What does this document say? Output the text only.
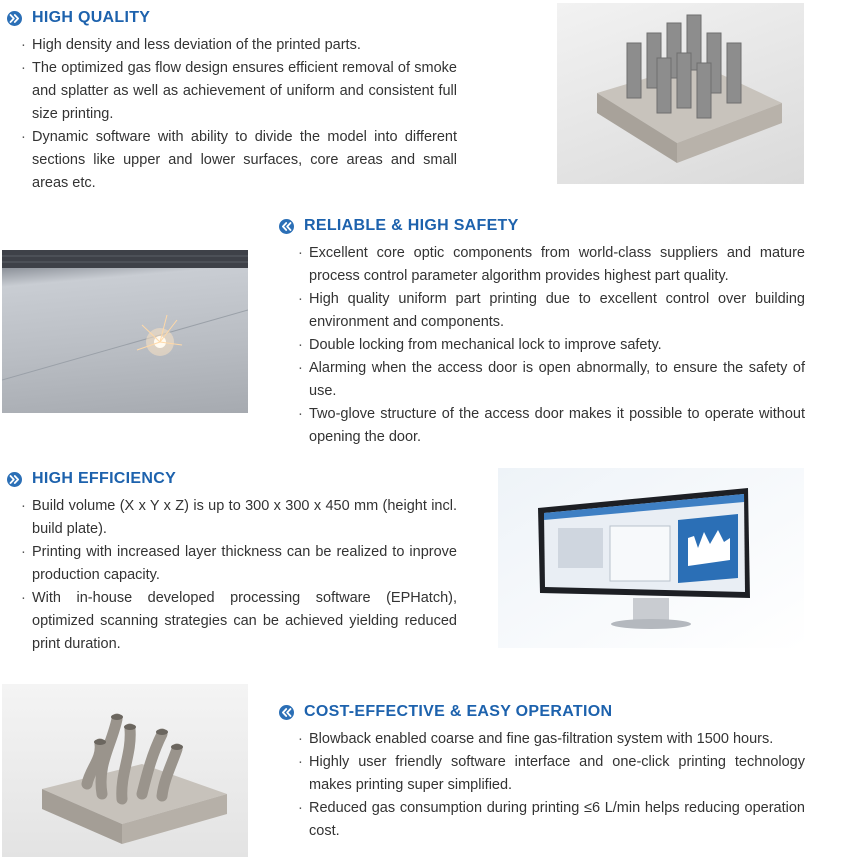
HIGH QUALITY
· High density and less deviation of the printed parts.
· The optimized gas flow design ensures efficient removal of smoke and splatter as well as achievement of uniform and consistent full size printing.
· Dynamic software with ability to divide the model into different sections like upper and lower surfaces, core areas and small areas etc.
RELIABLE & HIGH SAFETY
· Excellent core optic components from world-class suppliers and mature process control parameter algorithm provides highest part quality.
· High quality uniform part printing due to excellent control over building environment and components.
· Double locking from mechanical lock to improve safety.
· Alarming when the access door is open abnormally, to ensure the safety of use.
· Two-glove structure of the access door makes it possible to operate without opening the door.
HIGH EFFICIENCY
· Build volume (X x Y x Z) is up to 300 x 300 x 450 mm (height incl. build plate).
· Printing with increased layer thickness can be realized to inprove production capacity.
· With in-house developed processing software (EPHatch), optimized scanning strategies can be achieved yielding reduced print duration.
COST-EFFECTIVE & EASY OPERATION
· Blowback enabled coarse and fine gas-filtration system with 1500 hours.
· Highly user friendly software interface and one-click printing technology makes printing super simplified.
· Reduced gas consumption during printing ≤6 L/min helps reducing operation cost.
